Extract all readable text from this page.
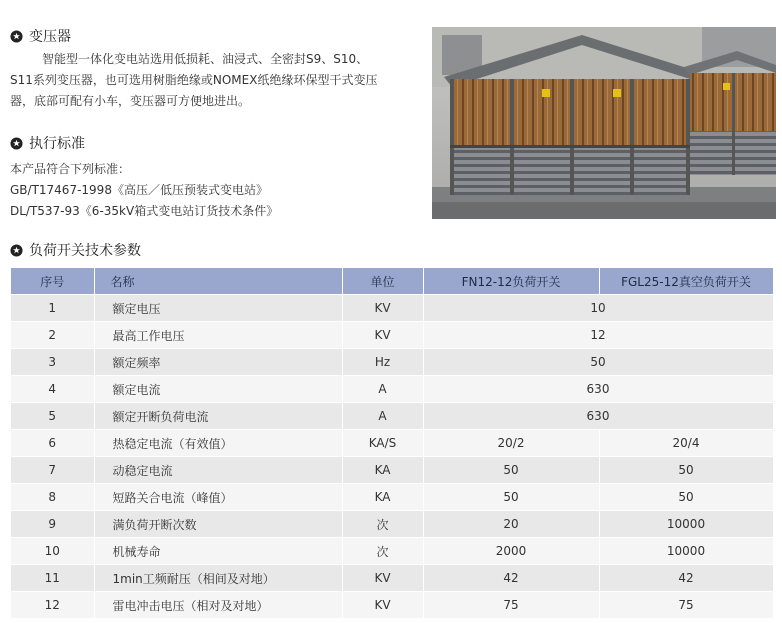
变压器
智能型一体化变电站选用低损耗、油浸式、全密封S9、S10、
S11系列变压器，也可选用树脂绝缘或NOMEX纸绝缘环保型干式变压
器，底部可配有小车，变压器可方便地进出。
执行标准
本产品符合下列标准：
GB/T17467-1998《高压／低压预装式变电站》
DL/T537-93《6-35kV箱式变电站订货技术条件》
负荷开关技术参数
序号	名称	单位	FN12-12负荷开关	FGL25-12真空负荷开关
1	额定电压	KV	10	
2	最高工作电压	KV	12	
3	额定频率	Hz	50	
4	额定电流	A	630	
5	额定开断负荷电流	A	630	
6	热稳定电流（有效值）	KA/S	20/2	20/4
7	动稳定电流	KA	50	50
8	短路关合电流（峰值）	KA	50	50
9	满负荷开断次数	次	20	10000
10	机械寿命	次	2000	10000
11	1min工频耐压（相间及对地）	KV	42	42
12	雷电冲击电压（相对及对地）	KV	75	75
